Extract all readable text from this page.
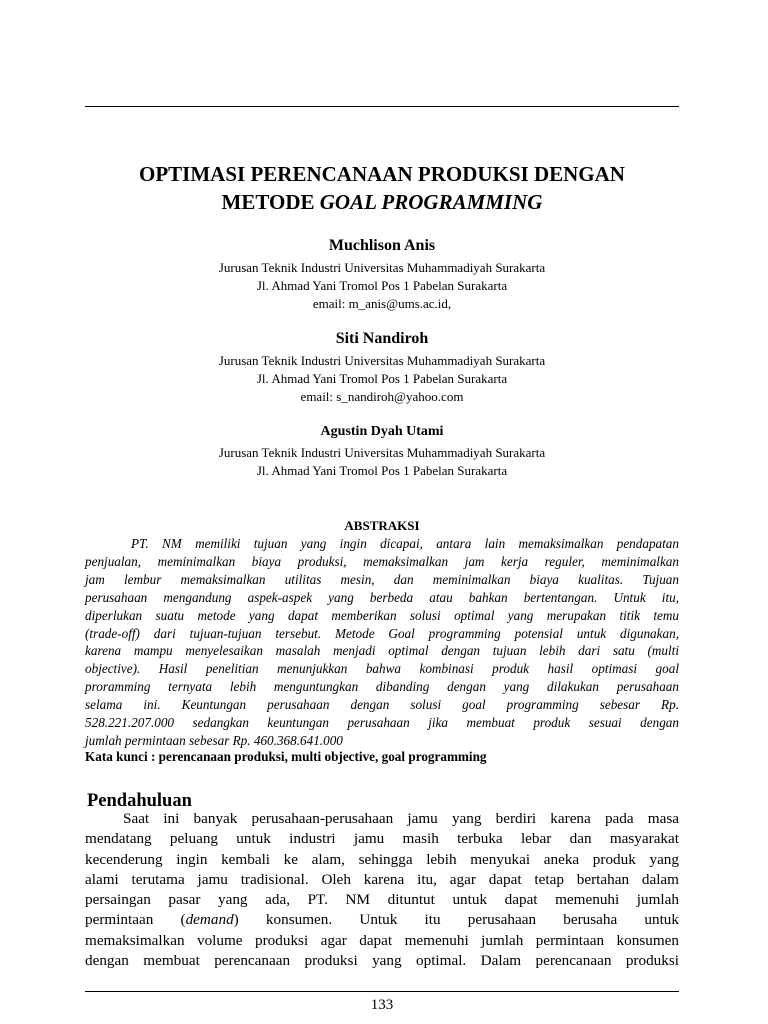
OPTIMASI PERENCANAAN PRODUKSI DENGAN
METODE GOAL PROGRAMMING
Muchlison Anis
Jurusan Teknik Industri Universitas Muhammadiyah Surakarta
Jl. Ahmad Yani Tromol Pos 1 Pabelan Surakarta
email: m_anis@ums.ac.id,
Siti Nandiroh
Jurusan Teknik Industri Universitas Muhammadiyah Surakarta
Jl. Ahmad Yani Tromol Pos 1 Pabelan Surakarta
email: s_nandiroh@yahoo.com
Agustin Dyah Utami
Jurusan Teknik Industri Universitas Muhammadiyah Surakarta
Jl. Ahmad Yani Tromol Pos 1 Pabelan Surakarta
ABSTRAKSI
PT. NM memiliki tujuan yang ingin dicapai, antara lain memaksimalkan pendapatan
penjualan, meminimalkan biaya produksi, memaksimalkan jam kerja reguler, meminimalkan
jam lembur memaksimalkan utilitas mesin, dan meminimalkan biaya kualitas. Tujuan
perusahaan mengandung aspek-aspek yang berbeda atau bahkan bertentangan. Untuk itu,
diperlukan suatu metode yang dapat memberikan solusi optimal yang merupakan titik temu
(trade-off) dari tujuan-tujuan tersebut. Metode Goal programming potensial untuk digunakan,
karena mampu menyelesaikan masalah menjadi optimal dengan tujuan lebih dari satu (multi
objective). Hasil penelitian menunjukkan bahwa kombinasi produk hasil optimasi goal
proramming ternyata lebih menguntungkan dibanding dengan yang dilakukan perusahaan
selama ini. Keuntungan perusahaan dengan solusi goal programming sebesar Rp.
528.221.207.000 sedangkan keuntungan perusahaan jika membuat produk sesuai dengan
jumlah permintaan sebesar Rp. 460.368.641.000
Kata kunci : perencanaan produksi, multi objective, goal programming
Pendahuluan
Saat ini banyak perusahaan-perusahaan jamu yang berdiri karena pada masa
mendatang peluang untuk industri jamu masih terbuka lebar dan masyarakat
kecenderung ingin kembali ke alam, sehingga lebih menyukai aneka produk yang
alami terutama jamu tradisional. Oleh karena itu, agar dapat tetap bertahan dalam
persaingan pasar yang ada, PT. NM dituntut untuk dapat memenuhi jumlah
permintaan (demand) konsumen. Untuk itu perusahaan berusaha untuk
memaksimalkan volume produksi agar dapat memenuhi jumlah permintaan konsumen
dengan membuat perencanaan produksi yang optimal. Dalam perencanaan produksi
133
